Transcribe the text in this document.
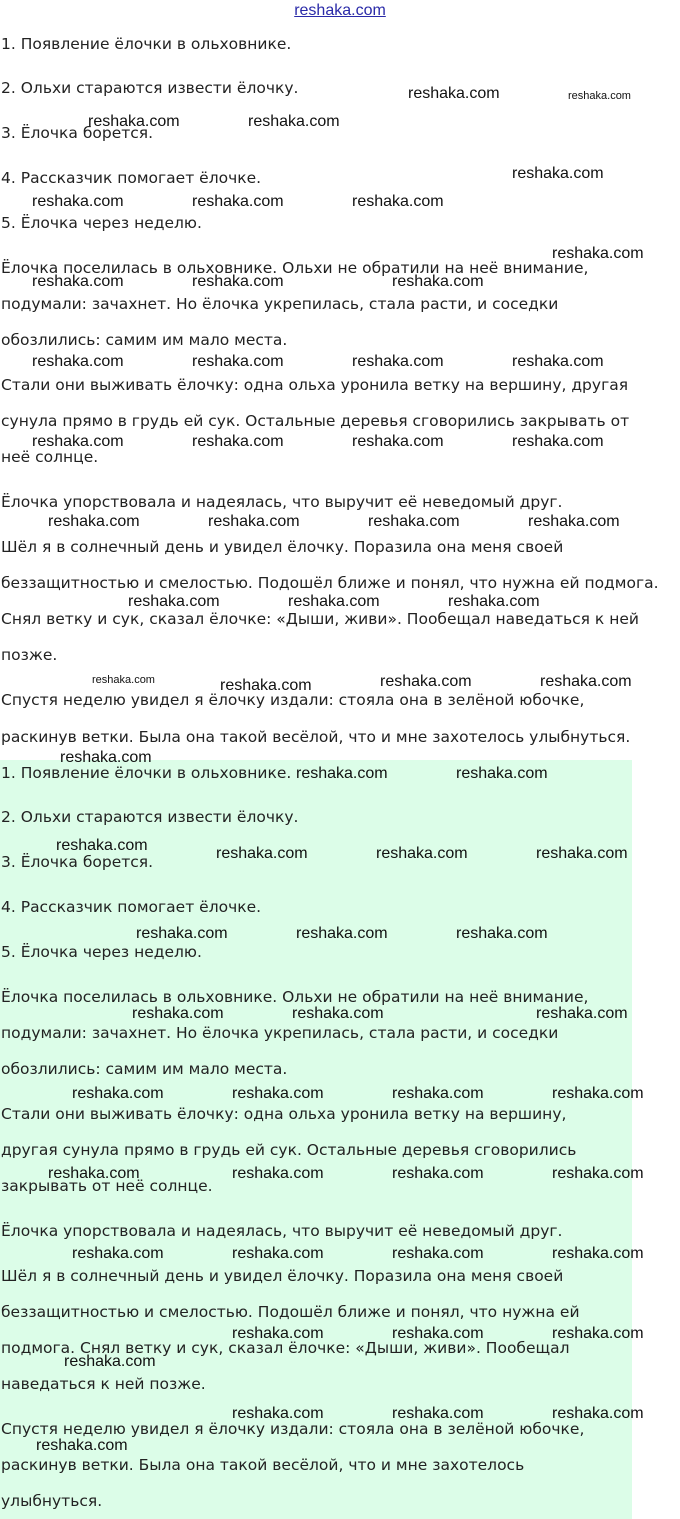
reshaka.com

1. Появление ёлочки в ольховнике.

2. Ольхи стараются извести ёлочку.

3. Ёлочка борется.

4. Рассказчик помогает ёлочке.

5. Ёлочка через неделю.

Ёлочка поселилась в ольховнике. Ольхи не обратили на неё внимание,

подумали: зачахнет. Но ёлочка укрепилась, стала расти, и соседки

обозлились: самим им мало места.

Стали они выживать ёлочку: одна ольха уронила ветку на вершину, другая

сунула прямо в грудь ей сук. Остальные деревья сговорились закрывать от

неё солнце.

Ёлочка упорствовала и надеялась, что выручит её неведомый друг.

Шёл я в солнечный день и увидел ёлочку. Поразила она меня своей

беззащитностью и смелостью. Подошёл ближе и понял, что нужна ей подмога.

Снял ветку и сук, сказал ёлочке: «Дыши, живи». Пообещал наведаться к ней

позже.

Спустя неделю увидел я ёлочку издали: стояла она в зелёной юбочке,

раскинув ветки. Была она такой весёлой, что и мне захотелось улыбнуться.

1. Появление ёлочки в ольховнике.

2. Ольхи стараются извести ёлочку.

3. Ёлочка борется.

4. Рассказчик помогает ёлочке.

5. Ёлочка через неделю.

Ёлочка поселилась в ольховнике. Ольхи не обратили на неё внимание,

подумали: зачахнет. Но ёлочка укрепилась, стала расти, и соседки

обозлились: самим им мало места.

Стали они выживать ёлочку: одна ольха уронила ветку на вершину,

другая сунула прямо в грудь ей сук. Остальные деревья сговорились

закрывать от неё солнце.

Ёлочка упорствовала и надеялась, что выручит её неведомый друг.

Шёл я в солнечный день и увидел ёлочку. Поразила она меня своей

беззащитностью и смелостью. Подошёл ближе и понял, что нужна ей

подмога. Снял ветку и сук, сказал ёлочке: «Дыши, живи». Пообещал

наведаться к ней позже.

Спустя неделю увидел я ёлочку издали: стояла она в зелёной юбочке,

раскинув ветки. Была она такой весёлой, что и мне захотелось

улыбнуться.

reshaka.com	reshaka.com
reshaka.com	reshaka.com
reshaka.com
reshaka.com	reshaka.com	reshaka.com
reshaka.com
reshaka.com	reshaka.com	reshaka.com
reshaka.com	reshaka.com	reshaka.com	reshaka.com
reshaka.com	reshaka.com	reshaka.com	reshaka.com
reshaka.com	reshaka.com	reshaka.com	reshaka.com
reshaka.com	reshaka.com	reshaka.com
reshaka.com	reshaka.com	reshaka.com	reshaka.com
reshaka.com
reshaka.com	reshaka.com
reshaka.com	reshaka.com	reshaka.com	reshaka.com
reshaka.com	reshaka.com	reshaka.com
reshaka.com	reshaka.com	reshaka.com
reshaka.com	reshaka.com	reshaka.com	reshaka.com
reshaka.com	reshaka.com	reshaka.com	reshaka.com
reshaka.com	reshaka.com	reshaka.com	reshaka.com
reshaka.com	reshaka.com	reshaka.com
reshaka.com
reshaka.com	reshaka.com	reshaka.com
reshaka.com
